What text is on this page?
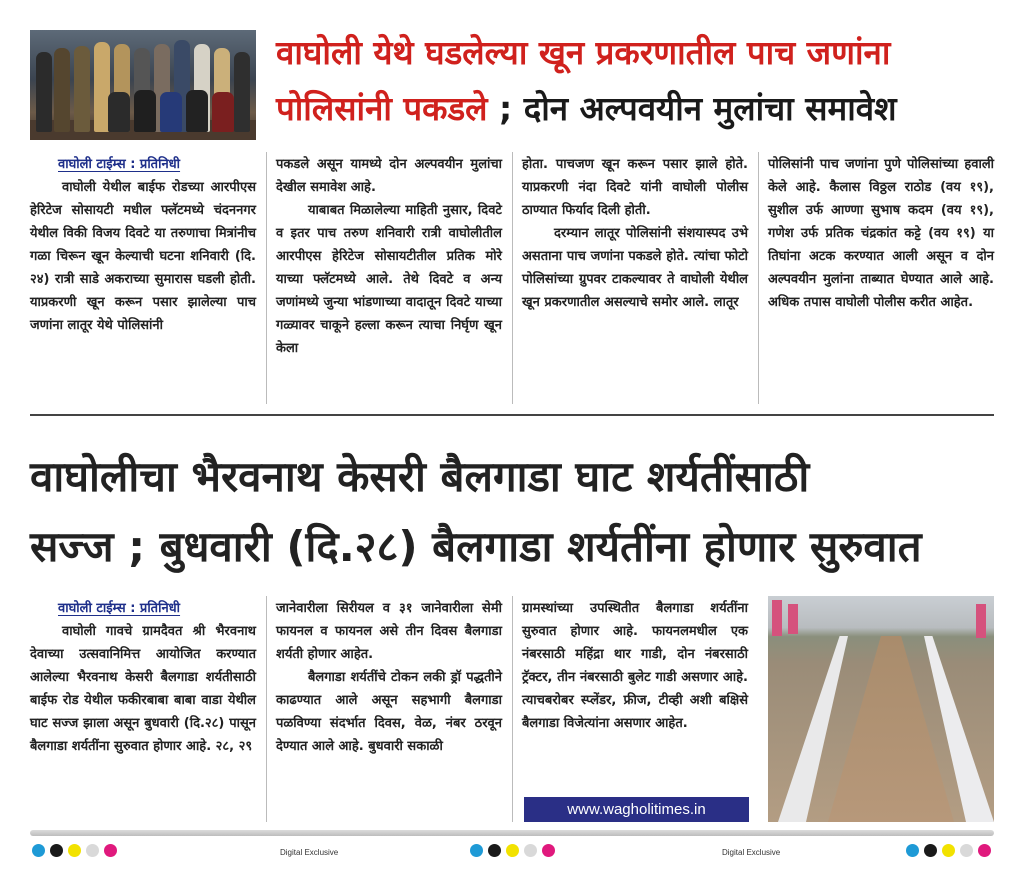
वाघोली येथे घडलेल्या खून प्रकरणातील पाच जणांना
पोलिसांनी पकडले ; दोन अल्पवयीन मुलांचा समावेश
वाघोली टाईम्स : प्रतिनिधी

वाघोली येथील बाईफ रोडच्या आरपीएस हेरिटेज सोसायटी मधील फ्लॅटमध्ये चंदननगर येथील विकी विजय दिवटे या तरुणाचा मित्रांनीच गळा चिरून खून केल्याची घटना शनिवारी (दि. २४) रात्री साडे अकराच्या सुमारास घडली होती. याप्रकरणी खून करून पसार झालेल्या पाच जणांना लातूर येथे पोलिसांनी

पकडले असून यामध्ये दोन अल्पवयीन मुलांचा देखील समावेश आहे.

याबाबत मिळालेल्या माहिती नुसार, दिवटे व इतर पाच तरुण शनिवारी रात्री वाघोलीतील आरपीएस हेरिटेज सोसायटीतील प्रतिक मोरे याच्या फ्लॅटमध्ये आले. तेथे दिवटे व अन्य जणांमध्ये जुन्या भांडणाच्या वादातून दिवटे याच्या गळ्यावर चाकूने हल्ला करून त्याचा निर्घृण खून केला

होता. पाचजण खून करून पसार झाले होते. याप्रकरणी नंदा दिवटे यांनी वाघोली पोलीस ठाण्यात फिर्याद दिली होती.

दरम्यान लातूर पोलिसांनी संशयास्पद उभे असताना पाच जणांना पकडले होते. त्यांचा फोटो पोलिसांच्या ग्रुपवर टाकल्यावर ते वाघोली येथील खून प्रकरणातील असल्याचे समोर आले. लातूर

पोलिसांनी पाच जणांना पुणे पोलिसांच्या हवाली केले आहे. कैलास विठ्ठल राठोड (वय १९), सुशील उर्फ आण्णा सुभाष कदम (वय १९), गणेश उर्फ प्रतिक चंद्रकांत कट्टे (वय १९) या तिघांना अटक करण्यात आली असून व दोन अल्पवयीन मुलांना ताब्यात घेण्यात आले आहे. अधिक तपास वाघोली पोलीस करीत आहेत.

वाघोलीचा भैरवनाथ केसरी बैलगाडा घाट शर्यतींसाठी
सज्ज ; बुधवारी (दि.२८) बैलगाडा शर्यतींना होणार सुरुवात
वाघोली टाईम्स : प्रतिनिधी

वाघोली गावचे ग्रामदैवत श्री भैरवनाथ देवाच्या उत्सवानिमित्त आयोजित करण्यात आलेल्या भैरवनाथ केसरी बैलगाडा शर्यतीसाठी बाईफ रोड येथील फकीरबाबा बाबा वाडा येथील घाट सज्ज झाला असून बुधवारी (दि.२८) पासून बैलगाडा शर्यतींना सुरुवात होणार आहे. २८, २९

जानेवारीला सिरीयल व ३१ जानेवारीला सेमी फायनल व फायनल असे तीन दिवस बैलगाडा शर्यती होणार आहेत.

बैलगाडा शर्यतींचे टोकन लकी ड्रॉ पद्धतीने काढण्यात आले असून सहभागी बैलगाडा पळविण्या संदर्भात दिवस, वेळ, नंबर ठरवून देण्यात आले आहे. बुधवारी सकाळी

ग्रामस्थांच्या उपस्थितीत बैलगाडा शर्यतींना सुरुवात होणार आहे. फायनलमधील एक नंबरसाठी महिंद्रा थार गाडी, दोन नंबरसाठी ट्रॅक्टर, तीन नंबरसाठी बुलेट गाडी असणार आहे. त्याचबरोबर स्प्लेंडर, फ्रीज, टीव्ही अशी बक्षिसे बैलगाडा विजेत्यांना असणार आहेत.

www.wagholitimes.in
Digital Exclusive	Digital Exclusive
